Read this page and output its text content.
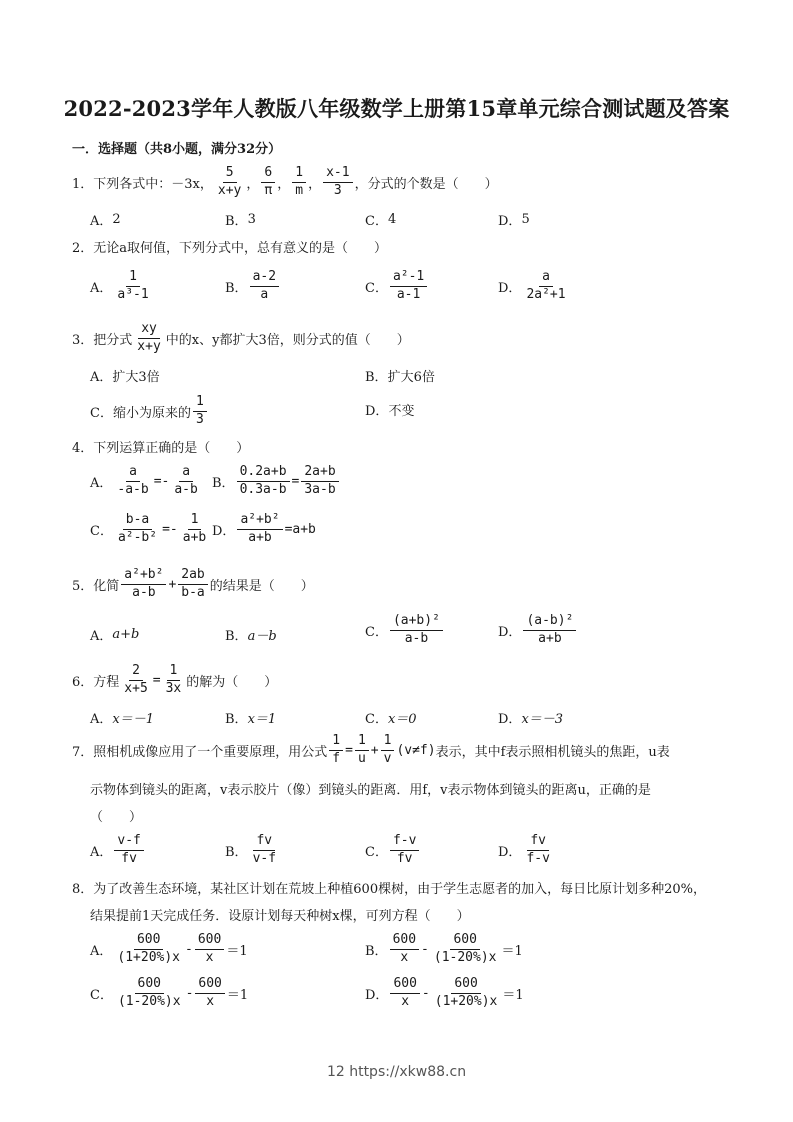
2022-2023学年人教版八年级数学上册第15章单元综合测试题及答案
一．选择题（共8小题，满分32分）
1． 下列各式中：－3x， $\frac{5}{x+y}$ ， $\frac{6}{\pi}$ ， $\frac{1}{m}$ ， $\frac{x-1}{3}$ ，分式的个数是（　　）
A． 2	B． 3	C． 4	D． 5
2． 无论a取何值，下列分式中，总有意义的是（　　）
A． $\frac{1}{\text{a³-1}}$	B． $\frac{a-2}{a}$	C． $\frac{\text{a²-1}}{a-1}$	D． $\frac{a}{\text{2a²+1}}$
3． 把分式 $\frac{xy}{x+y}$ 中的x、y都扩大3倍，则分式的值（　　）
A． 扩大3倍	B． 扩大6倍
C． 缩小为原来的 $\frac{1}{3}$	D． 不变
4． 下列运算正确的是（　　）
A． $\frac{a}{-a-b} =- \frac{a}{a-b}$ B． $\frac{0.2a+b}{0.3a-b} = \frac{2a+b}{3a-b}$
C． $\frac{b-a}{\text{a²-b²}} =- \frac{1}{a+b}$ D． $\frac{\text{a²+b²}}{a+b} =a+b$
5． 化简 $\frac{\text{a²+b²}}{a-b} + \frac{2ab}{b-a}$ 的结果是（　　）
A． a+b	B． a－b	C． $\frac{\text{(a+b)²}}{a-b}$	D． $\frac{\text{(a-b)²}}{a+b}$
6． 方程 $\frac{2}{x+5} = \frac{1}{3x}$ 的解为（　　）
A． x＝－1	B． x＝1	C． x＝0	D． x＝－3
7． 照相机成像应用了一个重要原理，用公式 $\frac{1}{f} = \frac{1}{u} + \frac{1}{v} (v\ne f)$ 表示，其中f表示照相机镜头的焦距，u表
示物体到镜头的距离，v表示胶片（像）到镜头的距离．用f，v表示物体到镜头的距离u，正确的是
（　　）
A． $\frac{v-f}{fv}$	B． $\frac{fv}{v-f}$	C． $\frac{f-v}{fv}$	D． $\frac{fv}{f-v}$
8． 为了改善生态环境，某社区计划在荒坡上种植600棵树，由于学生志愿者的加入，每日比原计划多种20%，
结果提前1天完成任务．设原计划每天种树x棵，可列方程（　　）
A． $\frac{600}{(1+20\%)x} - \frac{600}{x} =1$	B． $\frac{600}{x} - \frac{600}{(1-20\%)x} =1$
C． $\frac{600}{(1-20\%)x} - \frac{600}{x} =1$	D． $\frac{600}{x} - \frac{600}{(1+20\%)x} =1$
12 https://xkw88.cn
